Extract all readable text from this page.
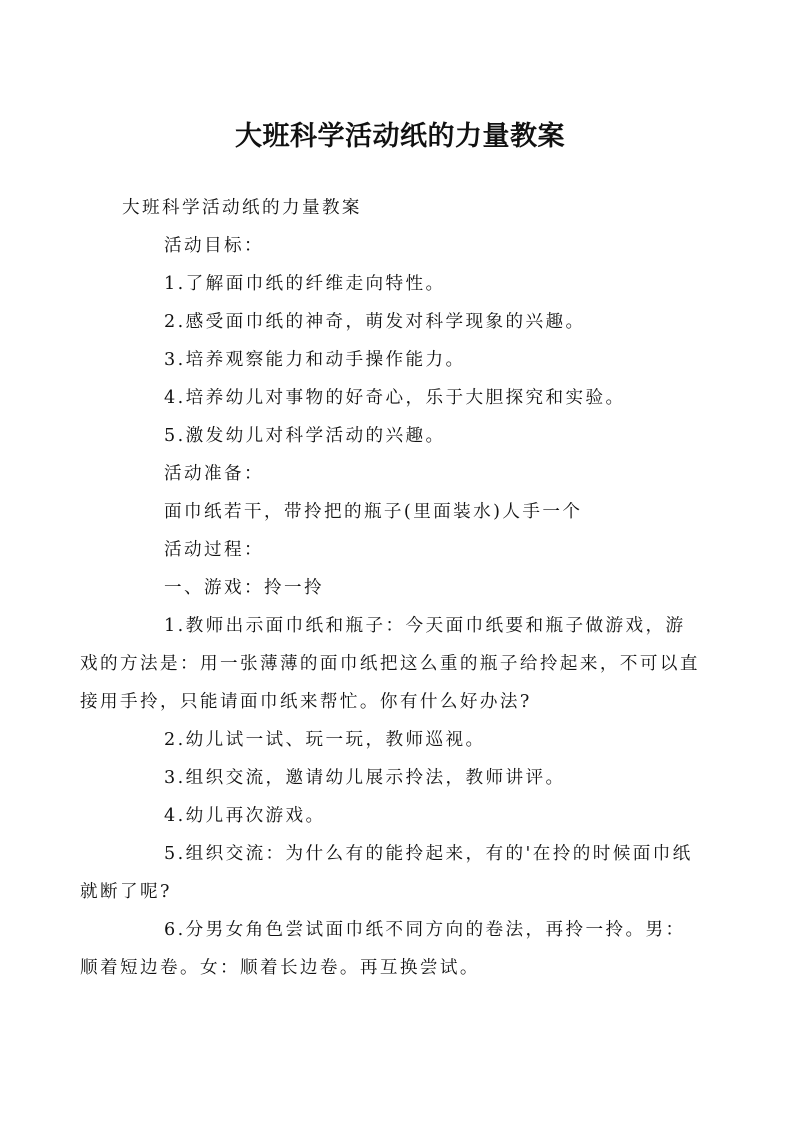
大班科学活动纸的力量教案

大班科学活动纸的力量教案

活动目标：

1.了解面巾纸的纤维走向特性。

2.感受面巾纸的神奇，萌发对科学现象的兴趣。

3.培养观察能力和动手操作能力。

4.培养幼儿对事物的好奇心，乐于大胆探究和实验。

5.激发幼儿对科学活动的兴趣。

活动准备：

面巾纸若干，带拎把的瓶子(里面装水)人手一个

活动过程：

一、游戏：拎一拎

1.教师出示面巾纸和瓶子：今天面巾纸要和瓶子做游戏，游戏的方法是：用一张薄薄的面巾纸把这么重的瓶子给拎起来，不可以直接用手拎，只能请面巾纸来帮忙。你有什么好办法?

2.幼儿试一试、玩一玩，教师巡视。

3.组织交流，邀请幼儿展示拎法，教师讲评。

4.幼儿再次游戏。

5.组织交流：为什么有的能拎起来，有的'在拎的时候面巾纸就断了呢?

6.分男女角色尝试面巾纸不同方向的卷法，再拎一拎。男：顺着短边卷。女：顺着长边卷。再互换尝试。
